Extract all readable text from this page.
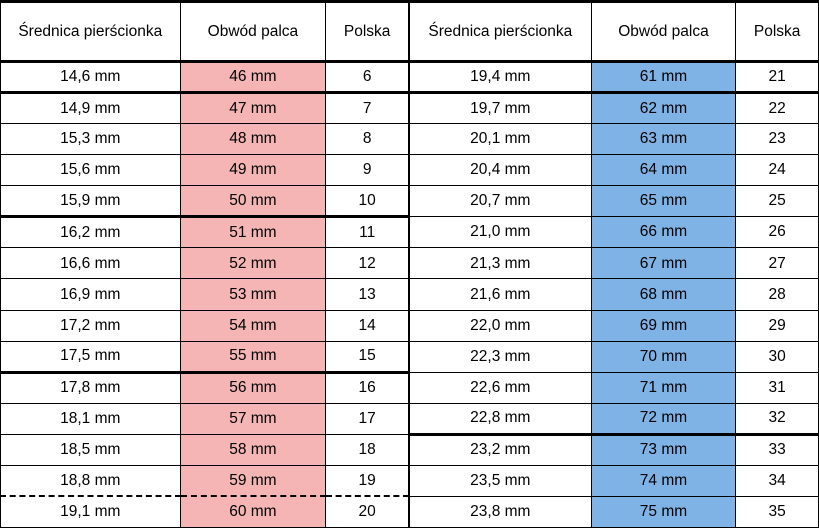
Średnica pierścionka	Obwód palca	Polska
14,6 mm	46 mm	6
14,9 mm	47 mm	7
15,3 mm	48 mm	8
15,6 mm	49 mm	9
15,9 mm	50 mm	10
16,2 mm	51 mm	11
16,6 mm	52 mm	12
16,9 mm	53 mm	13
17,2 mm	54 mm	14
17,5 mm	55 mm	15
17,8 mm	56 mm	16
18,1 mm	57 mm	17
18,5 mm	58 mm	18
18,8 mm	59 mm	19
19,1 mm	60 mm	20
Średnica pierścionka	Obwód palca	Polska
19,4 mm	61 mm	21
19,7 mm	62 mm	22
20,1 mm	63 mm	23
20,4 mm	64 mm	24
20,7 mm	65 mm	25
21,0 mm	66 mm	26
21,3 mm	67 mm	27
21,6 mm	68 mm	28
22,0 mm	69 mm	29
22,3 mm	70 mm	30
22,6 mm	71 mm	31
22,8 mm	72 mm	32
23,2 mm	73 mm	33
23,5 mm	74 mm	34
23,8 mm	75 mm	35
